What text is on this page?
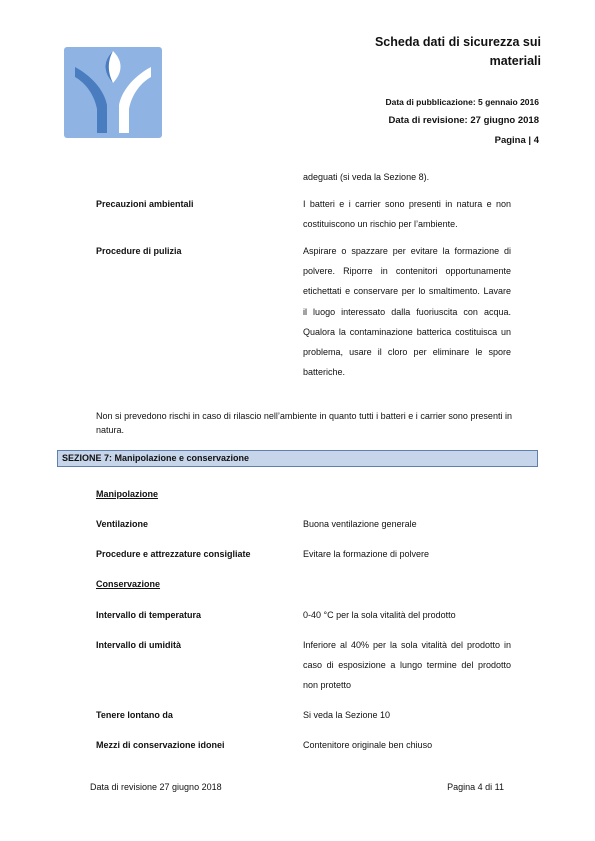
Scheda dati di sicurezza sui materiali
Data di pubblicazione: 5 gennaio 2016
Data di revisione: 27 giugno 2018
Pagina | 4
adeguati (si veda la Sezione 8).
Precauzioni ambientali	I batteri e i carrier sono presenti in natura e non costituiscono un rischio per l’ambiente.
Procedure di pulizia	Aspirare o spazzare per evitare la formazione di polvere. Riporre in contenitori opportunamente etichettati e conservare per lo smaltimento. Lavare il luogo interessato dalla fuoriuscita con acqua. Qualora la contaminazione batterica costituisca un problema, usare il cloro per eliminare le spore batteriche.
Non si prevedono rischi in caso di rilascio nell’ambiente in quanto tutti i batteri e i carrier sono presenti in natura.
SEZIONE 7: Manipolazione e conservazione
Manipolazione
Ventilazione	Buona ventilazione generale
Procedure e attrezzature consigliate	Evitare la formazione di polvere
Conservazione
Intervallo di temperatura	0-40 °C per la sola vitalità del prodotto
Intervallo di umidità	Inferiore al 40% per la sola vitalità del prodotto in caso di esposizione a lungo termine del prodotto non protetto
Tenere lontano da	Si veda la Sezione 10
Mezzi di conservazione idonei	Contenitore originale ben chiuso
Data di revisione 27 giugno 2018	Pagina 4 di 11
